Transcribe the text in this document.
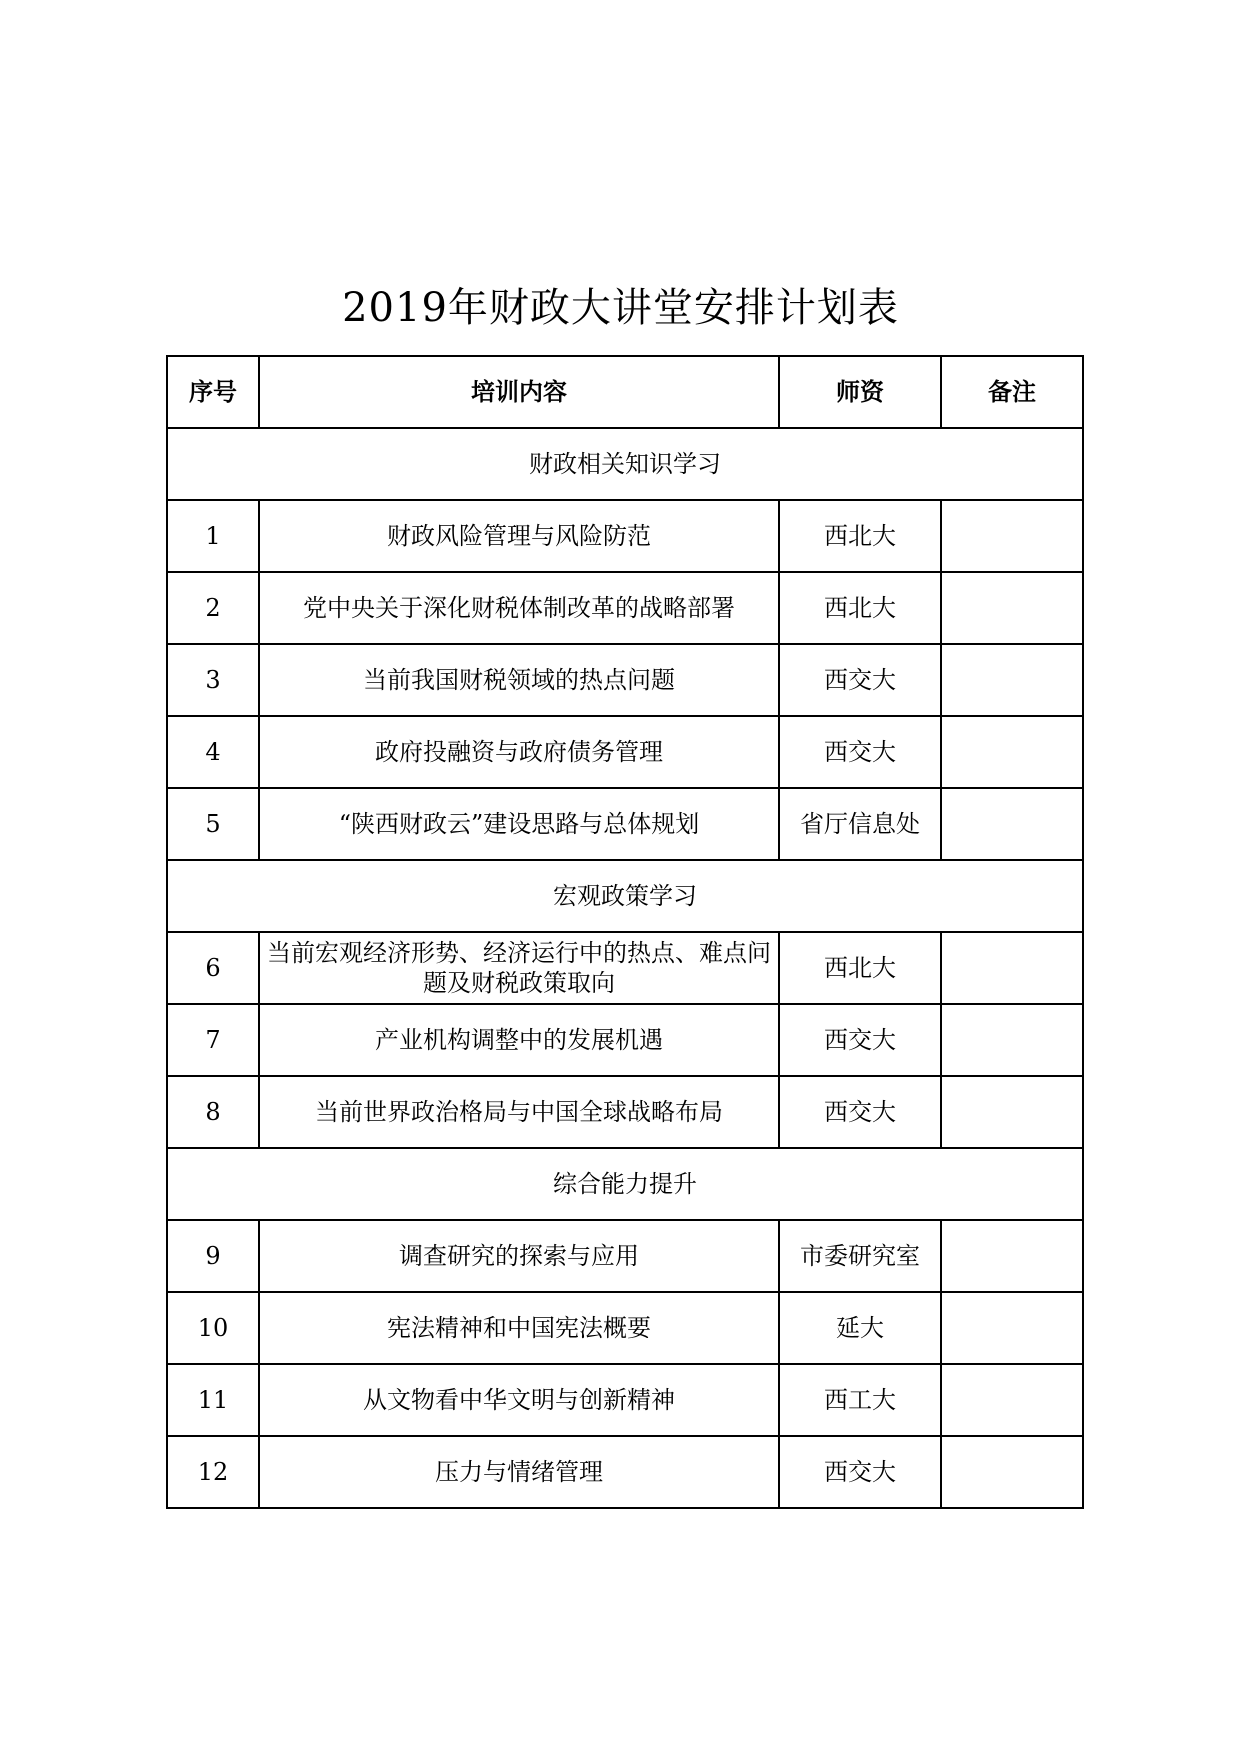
2019年财政大讲堂安排计划表
序号	培训内容	师资	备注
财政相关知识学习			
1	财政风险管理与风险防范	西北大	
2	党中央关于深化财税体制改革的战略部署	西北大	
3	当前我国财税领域的热点问题	西交大	
4	政府投融资与政府债务管理	西交大	
5	“陕西财政云”建设思路与总体规划	省厅信息处	
宏观政策学习			
6	当前宏观经济形势、经济运行中的热点、难点问题及财税政策取向	西北大	
7	产业机构调整中的发展机遇	西交大	
8	当前世界政治格局与中国全球战略布局	西交大	
综合能力提升			
9	调查研究的探索与应用	市委研究室	
10	宪法精神和中国宪法概要	延大	
11	从文物看中华文明与创新精神	西工大	
12	压力与情绪管理	西交大	
